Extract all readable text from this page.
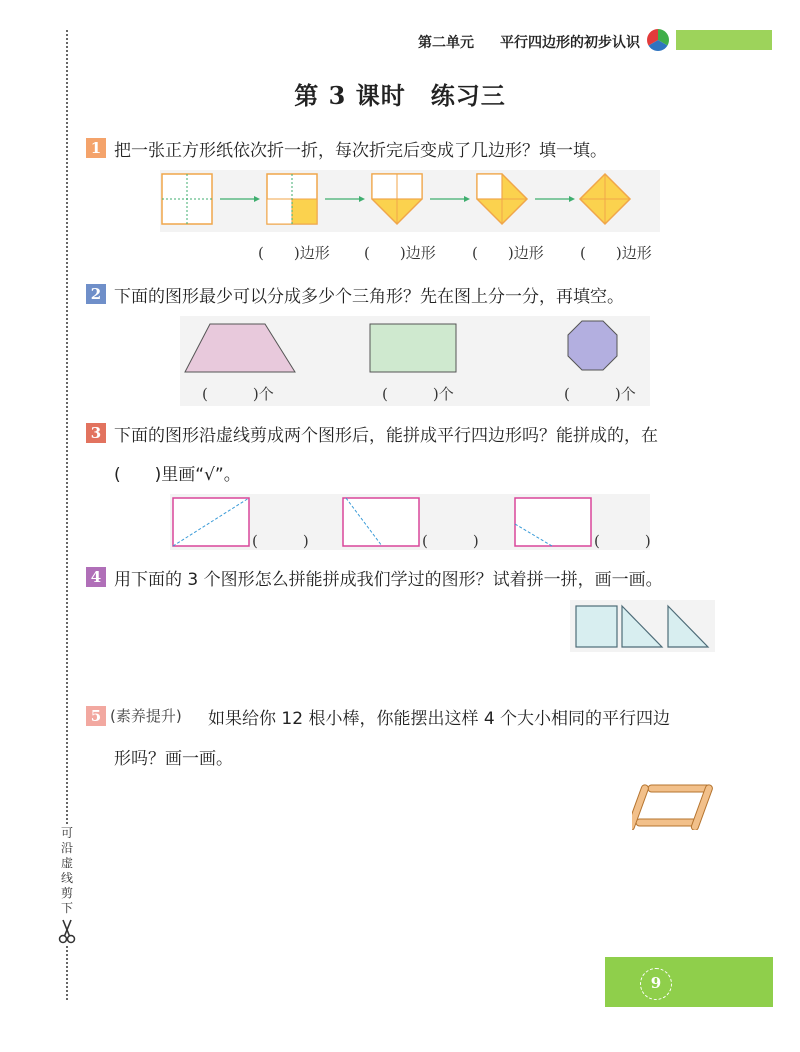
可沿虚线剪下
第二单元 平行四边形的初步认识
第 3 课时　练习三
1 把一张正方形纸依次折一折，每次折完后变成了几边形？填一填。
(　　)边形 (　　)边形 (　　)边形 (　　)边形
2 下面的图形最少可以分成多少个三角形？先在图上分一分，再填空。
(　　　)个	(　　　)个	(　　　)个
3 下面的图形沿虚线剪成两个图形后，能拼成平行四边形吗？能拼成的，在
(　　)里画“√”。
(　　　)	(　　　)	(　　　)
4 用下面的 3 个图形怎么拼能拼成我们学过的图形？试着拼一拼，画一画。
5 (素养提升) 如果给你 12 根小棒，你能摆出这样 4 个大小相同的平行四边
形吗？画一画。
9
